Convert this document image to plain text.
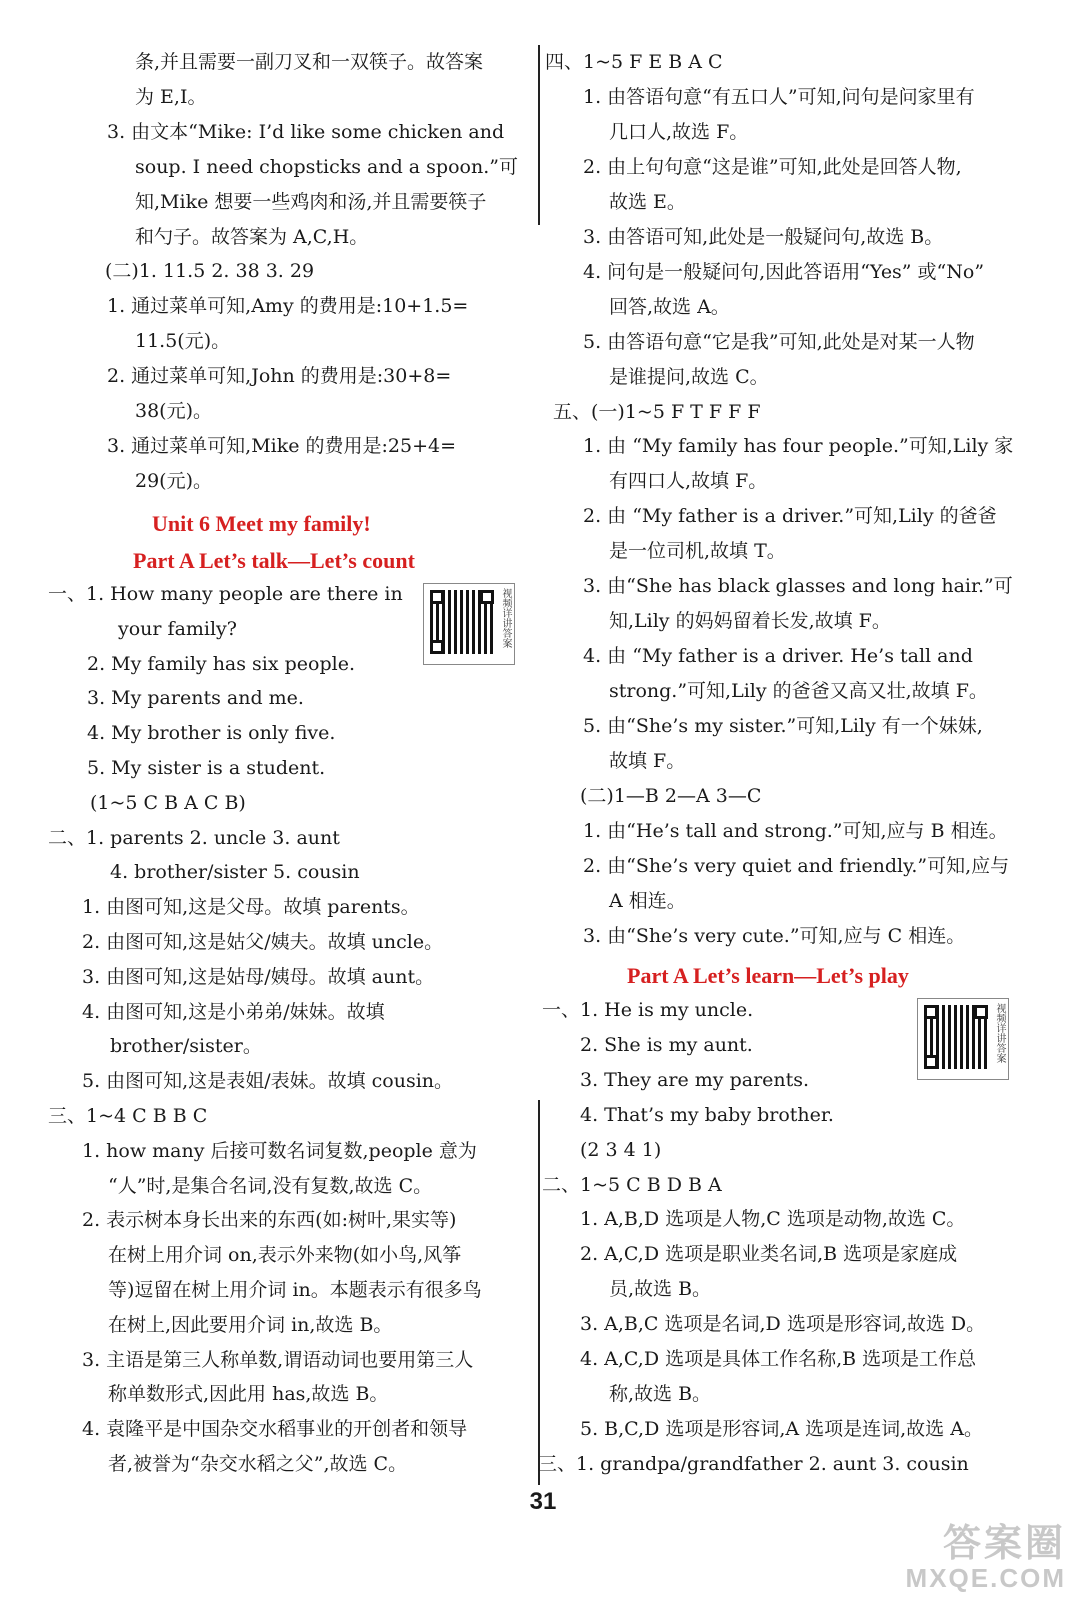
条,并且需要一副刀叉和一双筷子。故答案
为 E,I。
3. 由文本“Mike: I’d like some chicken and
soup. I need chopsticks and a spoon.”可
知,Mike 想要一些鸡肉和汤,并且需要筷子
和勺子。故答案为 A,C,H。
(二)1. 11.5 2. 38 3. 29
1. 通过菜单可知,Amy 的费用是:10+1.5=
11.5(元)。
2. 通过菜单可知,John 的费用是:30+8=
38(元)。
3. 通过菜单可知,Mike 的费用是:25+4=
29(元)。
Unit 6 Meet my family!
Part A Let’s talk—Let’s count
一、1. How many people are there in
your family?
2. My family has six people.
3. My parents and me.
4. My brother is only five.
5. My sister is a student.
(1~5 C B A C B)
二、1. parents 2. uncle 3. aunt
4. brother/sister 5. cousin
1. 由图可知,这是父母。故填 parents。
2. 由图可知,这是姑父/姨夫。故填 uncle。
3. 由图可知,这是姑母/姨母。故填 aunt。
4. 由图可知,这是小弟弟/妹妹。故填
brother/sister。
5. 由图可知,这是表姐/表妹。故填 cousin。
三、1~4 C B B C
1. how many 后接可数名词复数,people 意为
“人”时,是集合名词,没有复数,故选 C。
2. 表示树本身长出来的东西(如:树叶,果实等)
在树上用介词 on,表示外来物(如小鸟,风筝
等)逗留在树上用介词 in。本题表示有很多鸟
在树上,因此要用介词 in,故选 B。
3. 主语是第三人称单数,谓语动词也要用第三人
称单数形式,因此用 has,故选 B。
4. 袁隆平是中国杂交水稻事业的开创者和领导
者,被誉为“杂交水稻之父”,故选 C。
视频详讲答案
四、1~5 F E B A C
1. 由答语句意“有五口人”可知,问句是问家里有
几口人,故选 F。
2. 由上句句意“这是谁”可知,此处是回答人物,
故选 E。
3. 由答语可知,此处是一般疑问句,故选 B。
4. 问句是一般疑问句,因此答语用“Yes” 或“No”
回答,故选 A。
5. 由答语句意“它是我”可知,此处是对某一人物
是谁提问,故选 C。
五、(一)1~5 F T F F F
1. 由 “My family has four people.”可知,Lily 家
有四口人,故填 F。
2. 由 “My father is a driver.”可知,Lily 的爸爸
是一位司机,故填 T。
3. 由“She has black glasses and long hair.”可
知,Lily 的妈妈留着长发,故填 F。
4. 由 “My father is a driver. He’s tall and
strong.”可知,Lily 的爸爸又高又壮,故填 F。
5. 由“She’s my sister.”可知,Lily 有一个妹妹,
故填 F。
(二)1—B 2—A 3—C
1. 由“He’s tall and strong.”可知,应与 B 相连。
2. 由“She’s very quiet and friendly.”可知,应与
A 相连。
3. 由“She’s very cute.”可知,应与 C 相连。
Part A Let’s learn—Let’s play
一、1. He is my uncle.
2. She is my aunt.
3. They are my parents.
4. That’s my baby brother.
(2 3 4 1)
二、1~5 C B D B A
1. A,B,D 选项是人物,C 选项是动物,故选 C。
2. A,C,D 选项是职业类名词,B 选项是家庭成
员,故选 B。
3. A,B,C 选项是名词,D 选项是形容词,故选 D。
4. A,C,D 选项是具体工作名称,B 选项是工作总
称,故选 B。
5. B,C,D 选项是形容词,A 选项是连词,故选 A。
三、1. grandpa/grandfather 2. aunt 3. cousin
视频详讲答案
31
答案圈
MXQE.COM
